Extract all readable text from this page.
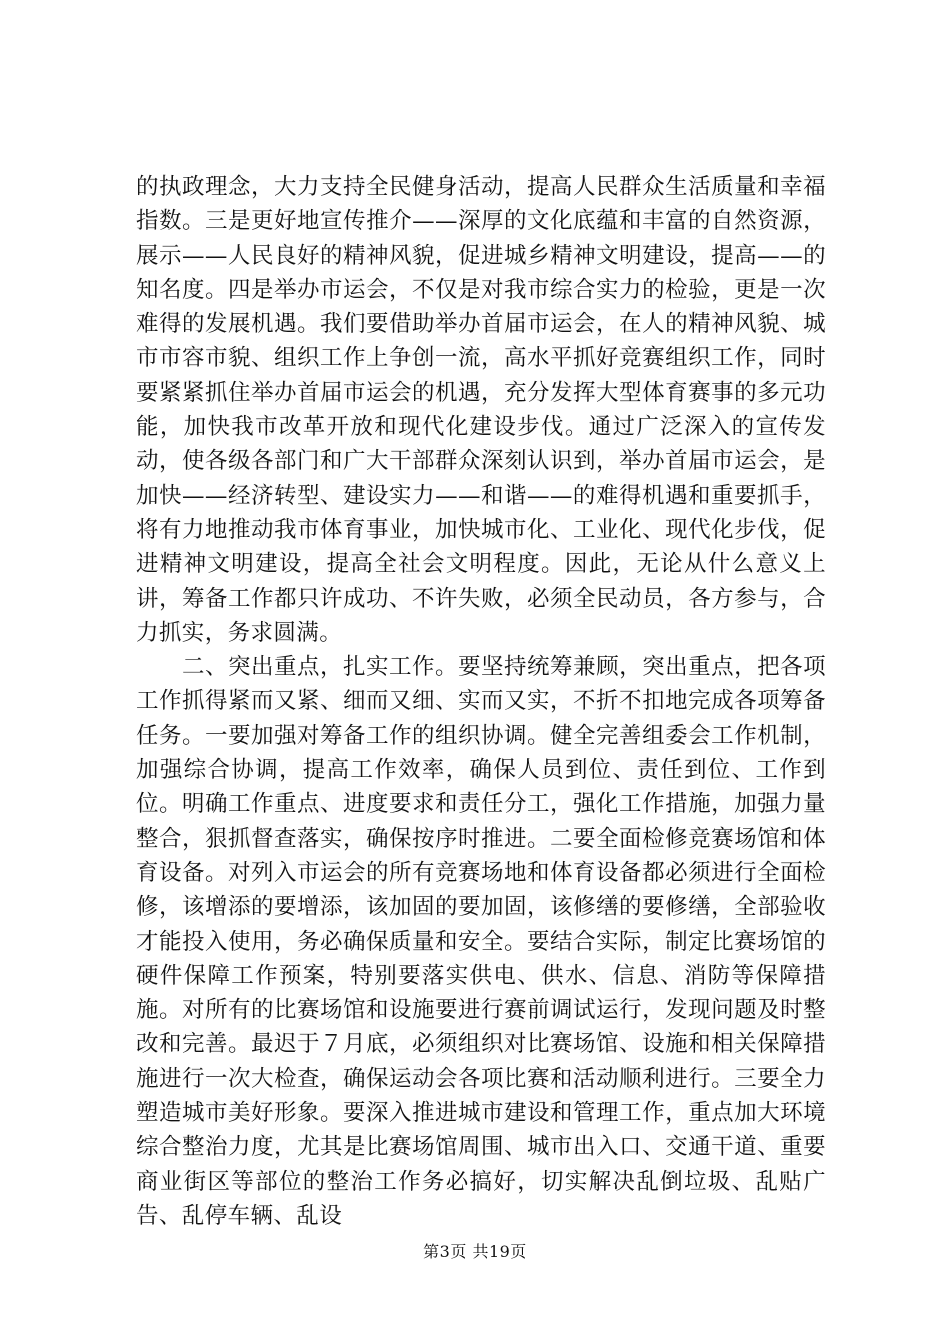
的执政理念，大力支持全民健身活动，提高人民群众生活质量和幸福指数。三是更好地宣传推介——深厚的文化底蕴和丰富的自然资源，展示——人民良好的精神风貌，促进城乡精神文明建设，提高——的知名度。四是举办市运会，不仅是对我市综合实力的检验，更是一次难得的发展机遇。我们要借助举办首届市运会，在人的精神风貌、城市市容市貌、组织工作上争创一流，高水平抓好竞赛组织工作，同时要紧紧抓住举办首届市运会的机遇，充分发挥大型体育赛事的多元功能，加快我市改革开放和现代化建设步伐。通过广泛深入的宣传发动，使各级各部门和广大干部群众深刻认识到，举办首届市运会，是加快——经济转型、建设实力——和谐——的难得机遇和重要抓手，将有力地推动我市体育事业，加快城市化、工业化、现代化步伐，促进精神文明建设，提高全社会文明程度。因此，无论从什么意义上讲，筹备工作都只许成功、不许失败，必须全民动员，各方参与，合力抓实，务求圆满。

二、突出重点，扎实工作。要坚持统筹兼顾，突出重点，把各项工作抓得紧而又紧、细而又细、实而又实，不折不扣地完成各项筹备任务。一要加强对筹备工作的组织协调。健全完善组委会工作机制，加强综合协调，提高工作效率，确保人员到位、责任到位、工作到位。明确工作重点、进度要求和责任分工，强化工作措施，加强力量整合，狠抓督查落实，确保按序时推进。二要全面检修竞赛场馆和体育设备。对列入市运会的所有竞赛场地和体育设备都必须进行全面检修，该增添的要增添，该加固的要加固，该修缮的要修缮，全部验收才能投入使用，务必确保质量和安全。要结合实际，制定比赛场馆的硬件保障工作预案，特别要落实供电、供水、信息、消防等保障措施。对所有的比赛场馆和设施要进行赛前调试运行，发现问题及时整改和完善。最迟于７月底，必须组织对比赛场馆、设施和相关保障措施进行一次大检查，确保运动会各项比赛和活动顺利进行。三要全力塑造城市美好形象。要深入推进城市建设和管理工作，重点加大环境综合整治力度，尤其是比赛场馆周围、城市出入口、交通干道、重要商业街区等部位的整治工作务必搞好，切实解决乱倒垃圾、乱贴广告、乱停车辆、乱设

第3页 共19页
